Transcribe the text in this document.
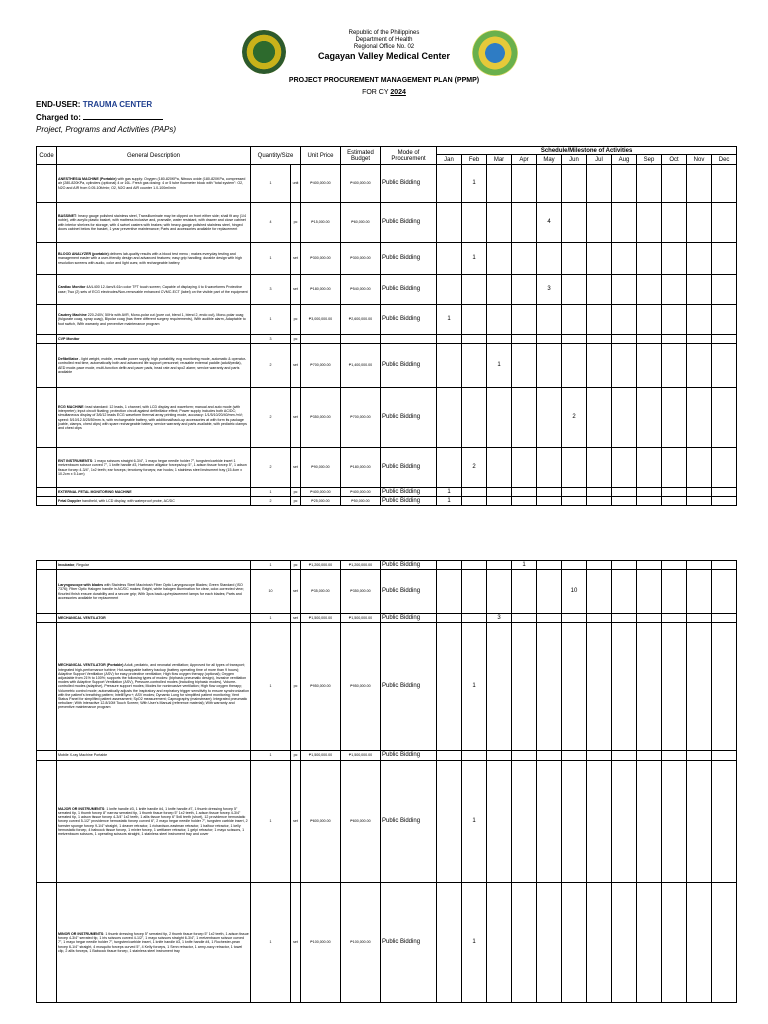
Republic of the Philippines
Department of Health
Regional Office No. 02
Cagayan Valley Medical Center
PROJECT PROCUREMENT MANAGEMENT PLAN (PPMP)
FOR CY 2024
END-USER: TRAUMA CENTER
Charged to:
Project, Programs and Activities (PAPs)
Code	General Description	Quantity/Size		Unit Price	Estimated Budget	Mode of Procurement	Schedule/Milestone of Activities											
							Jan	Feb	Mar	Apr	May	Jun	Jul	Aug	Sep	Oct	Nov	Dec
	ANESTHESIA MACHINE (Portable) with gas supply: Oxygen (180-820KPa, Nitrous oxide (180-820KPa, compressed air (280-820KPa, cylinders (optional) 4 or 16L. Fresh gas dosing: 4 or 5 tube flowmeter block with "total system": O2, N2O and AIR from 0.05-10lt/min; O2, N2O and AIR counter 1.0-100ml/min	1	unit	₱400,000.00	₱400,000.00	Public Bidding		1										
	BASSINET: heavy gauge polished stainless steel, Transilluminate may be clipped on front either side; shall fit any (1/4 noble), with acrylic plastic basket, with mattress inclusive and, pramalle, water resistant, with drawer and close cabinet with interior shelves for storage, with 4 swivel casters with brakes; with heavy-gauge polished stainless steel, hinged doors cabinet below the basket, 1 year preventive maintenance; Parts and accessories available for replacement	4	pc	₱15,000.00	₱60,000.00	Public Bidding					4							
	BLOOD ANALYZER (portable) delivers lab-quality results with a blood test menu ; makes everyday testing and management easier with a user-friendly design and advanced features; easy grip handling; durable design with high resolution screens with audio, color and light cues; with rechargeable battery	1	set	₱300,000.00	₱300,000.00	Public Bidding		1										
	Cardiac Monitor 4A/L400 12.4cm/4.61n color TFT touch screen; Capable of displaying 4 to 6 waveforms Protective case; Two (2) sets of ECG electrodes/Non-removable enhanced CVMC-ECT (label) on the visible part of the equipment	3	set	₱180,000.00	₱540,000.00	Public Bidding					3							
	Cautery Machine 220-240V, 50Hz with AVR, Mono-polar cut (pure cut, blend 1, blend 2, endo cut), Mono-polar coag (fulgurate coag, spray coag), Bipolar coag (has three different surgery requirements), With audible alarm, Adaptable to foot switch, With warranty and preventive maintenance program	1	pc	₱3,000,000.00	₱2,600,000.00	Public Bidding	1											
	CVP Monitor	3	pc															
	Defibrillator - light weight, mobile, versatile power supply, high portability, ecg monitoring mode, automatic & operator-controlled real time, automatically both and advanced life support personnel; reusable external paddle (adult/pedia), AED mode-pace mode, multi-function defib and pacer pads, head rate and spo2 alarm; service warranty and parts available	2	set	₱700,000.00	₱1,400,000.00	Public Bidding			1									
	ECG MACHINE: lead standard: 12 leads, 1 channel, with LCD display and waveform; manual and auto mode (with interpreter); input circuit floating; protection circuit against defibrillator effect; Power supply includes both AC/DC; simultaneous display of 3/6/12 leads ECG waveform thermal array printing mode, accuracy: 1/1/5/10/20/40/mm /mV; speed: 5/10/12.5/25/50mm /s, with rechargeable battery, with additional/back-up accessories at with form its package (cable, clamps, chest clips) with spare rechargeable battery, service warranty and parts available, with pediatric clamps and chest clips	2	set	₱350,000.00	₱700,000.00	Public Bidding						2						
	ENT INSTRUMENTS: 1 mayo scissors straight 6-3/4", 1 mayo hegar needle holder 7", tungsten/carbide insert 1 metzenbaum scissor curved 7", 1 knife handle #3, Hartmann alligator forceps/cup 5", 1 adson tissue forcep 5", 1 adson tissue forcep 4-3/4", 1x2 teeth; ear forceps; tenotomy forceps; ear hooks; 1 stainless steel instrument tray (15.4cm x 10.2cm x 5.1cm)	2	set	₱90,000.00	₱180,000.00	Public Bidding		2										
	EXTERNAL FETAL MONITORING MACHINE	1	pc	₱400,000.00	₱400,000.00	Public Bidding	1											
	Fetal Doppler handheld, with LCD display, with waterproof probe, AC/DC	2	pc	₱25,000.00	₱50,000.00	Public Bidding	1											
	Incubator, Regular	1	pc	₱1,200,000.00	₱1,200,000.00	Public Bidding				1								
	Laryngoscope with blades with Stainless Steel Macintosh Fiber Optic Laryngoscope Blades; Green Standard (ISO 7376); Fiber Optic Halogen handle in AC/DC makes; Bright, white halogen illumination for clear, color-corrected view; Knurled finish ensure durability and a secure grip; With 3pcs back-up/replacement lamps for each blades; Parts and accessories available for replacement	10	set	₱35,000.00	₱350,000.00	Public Bidding						10						
	MECHANICAL VENTILATOR	1	set	₱1,500,000.00	₱1,500,000.00	Public Bidding			3									
	MECHANICAL VENTILATOR (Portable) Adult, pediatric, and neonatal ventilation; Approved for all types of transport; Integrated high-performance turbine; Hot-swappable battery backup (battery operating time of more than 9 hours); Adaptive Support Ventilation (ASV) for easy protective ventilation; High flow oxygen therapy (optional); Oxygen adjustable from 21% to 100%; supports the following types of modes: (biphasic pneumatic design), Invasive ventilation modes with Adaptive Support Ventilation (ASV), Pressure-controlled modes (including biphasic modes), Volume-controlled modes (adaptive), Pressure support modes; Modes for noninvasive ventilation; High flow oxygen therapy; Volumetric control mode; automatically adjusts the inspiratory and expiratory trigger sensitivity to ensure synchronization with the patient's breathing pattern; IntelliSync+; ASV modes; Dynamic Lung for simplified patient monitoring; Vent Status Panel for simplified patient assessment; SpO2 measurement; Capnography (mainstream); Integrated pneumatic nebulizer; With Interactive 12.8/10M Touch Screen; With User's Manual (reference material); With warranty and preventive maintenance program	1	pc	₱950,000.00	₱950,000.00	Public Bidding		1										
	Mobile X-ray Machine Portable	1	pc	₱1,500,000.00	₱1,500,000.00	Public Bidding												
	MAJOR OR INSTRUMENTS: 1 knife handle #3, 1 knife handle #4, 1 knife handle #7, 1 thumb dressing forcep 5" serrated tip, 1 thumb forcep 8" narrow serrated tip, 1 thumb tissue forcep 5" 1x2 teeth, 1 adson tissue forcep 4-3/4" serrated tip, 1 adson tissue forcep 4-3/4" 1x2 teeth, 1 allis tissue forcep 6" 5x6 teeth (short), 12 providence hemostatic forcep curved 5-1/2" providence hemostatic forcep curved 6", 2 mayo hegar needle holder 7", tungsten carbide insert, 2 foerster sponge forcep 9-1/4" straight, 1 deaver retractor, 1 richardson-eastman retractor, 1 balfour retractor, 1 kelly hemostatic forcep, 4 babcock tissue forcep, 1 mixter forcep, 1 weitlaner retractor, 1 gelpi retractor; 1 mayo scissors, 1 metzenbaum scissors, 1 operating scissors straight, 1 stainless steel instrument tray and cover	1	set	₱600,000.00	₱600,000.00	Public Bidding		1										
	MINOR OR INSTRUMENTS: 1 thumb dressing forcep 5" serrated tip, 2 thumb tissue forcep 5" 1x2 teeth, 1 adson tissue forcep 4-3/4" serrated tip, 1 iris scissors curved 4-1/2", 1 mayo scissors straight 6-3/4", 1 metzenbaum scissor curved 7", 1 mayo hegar needle holder 7", tungsten/carbide insert, 1 knife handle #3, 1 knife handle #4, 1 Rochester-pean forcep 6-1/4" straight, 4 mosquito forceps curved 5", 4 Kelly forceps, 1 Senn retractor, 1 army-navy retractor, 1 towel clip, 2 allis forceps, 1 Babcock tissue forcep, 1 stainless steel instrument tray	1	set	₱100,000.00	₱100,000.00	Public Bidding		1										
